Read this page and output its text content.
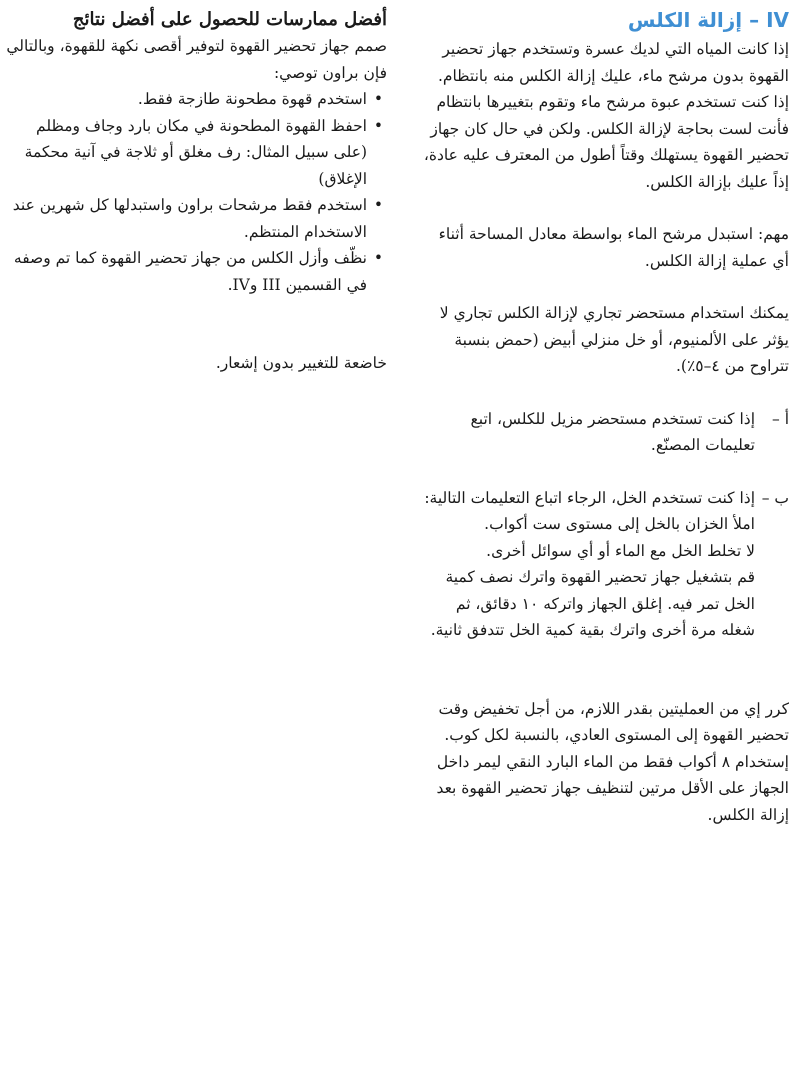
IV – إزالة الكلس

إذا كانت المياه التي لديك عسرة وتستخدم جهاز تحضير القهوة بدون مرشح ماء، عليك إزالة الكلس منه بانتظام. إذا كنت تستخدم عبوة مرشح ماء وتقوم بتغييرها بانتظام فأنت لست بحاجة لإزالة الكلس. ولكن في حال كان جهاز تحضير القهوة يستهلك وقتاً أطول من المعترف عليه عادة، إذاً عليك بإزالة الكلس.

مهم: استبدل مرشح الماء بواسطة معادل المساحة أثناء أي عملية إزالة الكلس.

يمكنك استخدام مستحضر تجاري لإزالة الكلس تجاري لا يؤثر على الألمنيوم، أو خل منزلي أبيض (حمض بنسبة تتراوح من ٤–٥٪).

أ –
إذا كنت تستخدم مستحضر مزيل للكلس، اتبع تعليمات المصنّع.
ب –
إذا كنت تستخدم الخل، الرجاء اتباع التعليمات التالية:

املأ الخزان بالخل إلى مستوى ست أكواب.

لا تخلط الخل مع الماء أو أي سوائل أخرى.

قم بتشغيل جهاز تحضير القهوة واترك نصف كمية الخل تمر فيه. إغلق الجهاز واتركه ١٠ دقائق، ثم شغله مرة أخرى واترك بقية كمية الخل تتدفق ثانية.

كرر إي من العمليتين بقدر اللازم، من أجل تخفيض وقت تحضير القهوة إلى المستوى العادي، بالنسبة لكل كوب.

إستخدام ٨ أكواب فقط من الماء البارد النقي ليمر داخل الجهاز على الأقل مرتين لتنظيف جهاز تحضير القهوة بعد إزالة الكلس.

أفضل ممارسات للحصول على أفضل نتائج

صمم جهاز تحضير القهوة لتوفير أقصى نكهة للقهوة، وبالتالي فإن براون توصي:

• استخدم قهوة مطحونة طازجة فقط.
• احفظ القهوة المطحونة في مكان بارد وجاف ومظلم (على سبيل المثال: رف مغلق أو ثلاجة في آنية محكمة الإغلاق)
• استخدم فقط مرشحات براون واستبدلها كل شهرين عند الاستخدام المنتظم.
• نظّف وأزل الكلس من جهاز تحضير القهوة كما تم وصفه في القسمين III وIV.

خاضعة للتغيير بدون إشعار.
